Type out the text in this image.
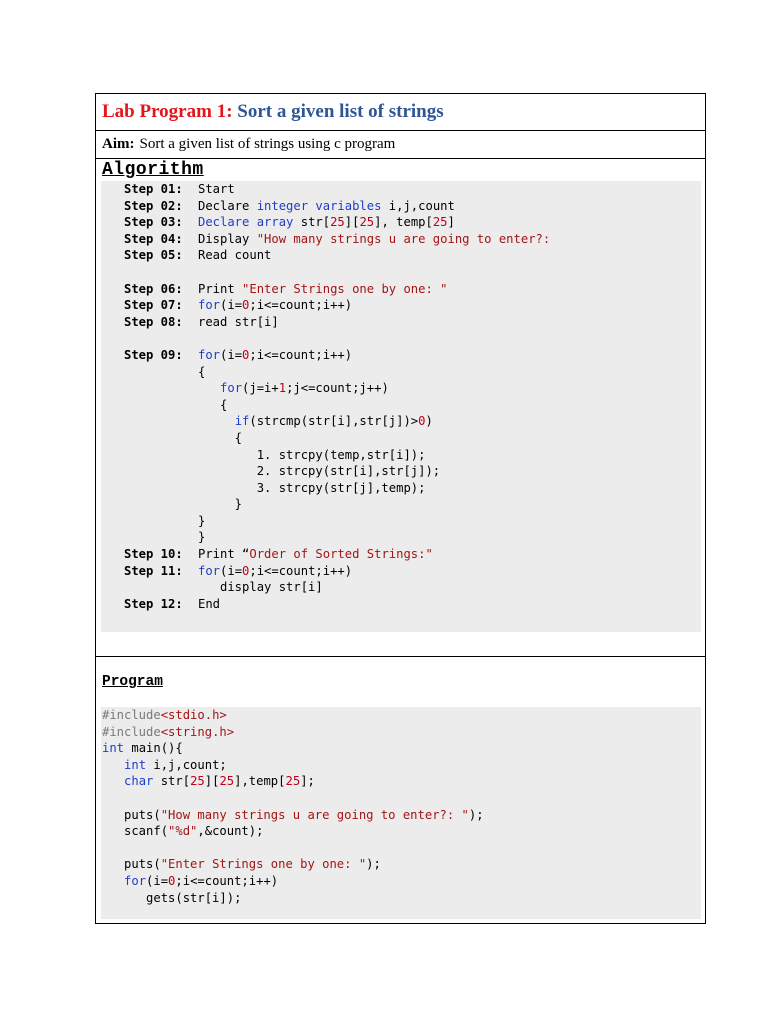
Lab Program 1 : Sort a given list of strings
Aim: Sort a given list of strings using c program
Algorithm
Step 01:	Start
Step 02:	Declare integer variables i,j,count
Step 03:	Declare array str[25][25], temp[25]
Step 04:	Display "How many strings u are going to enter?:
Step 05:	Read count
Step 06:	Print "Enter Strings one by one: "
Step 07:	for(i=0;i<=count;i++)
Step 08:	read str[i]
Step 09:	for(i=0;i<=count;i++)
{
for(j=i+1;j<=count;j++)
{
if(strcmp(str[i],str[j])>0)
{
1. strcpy(temp,str[i]);
2. strcpy(str[i],str[j]);
3. strcpy(str[j],temp);
}
}
}
Step 10:	Print “Order of Sorted Strings:"
Step 11:	for(i=0;i<=count;i++)
display str[i]
Step 12:	End
Program
#include<stdio.h>
#include<string.h>
int main(){
int i,j,count;
char str[25][25],temp[25];
puts("How many strings u are going to enter?: ");
scanf("%d",&count);
puts("Enter Strings one by one: ");
for(i=0;i<=count;i++)
gets(str[i]);
